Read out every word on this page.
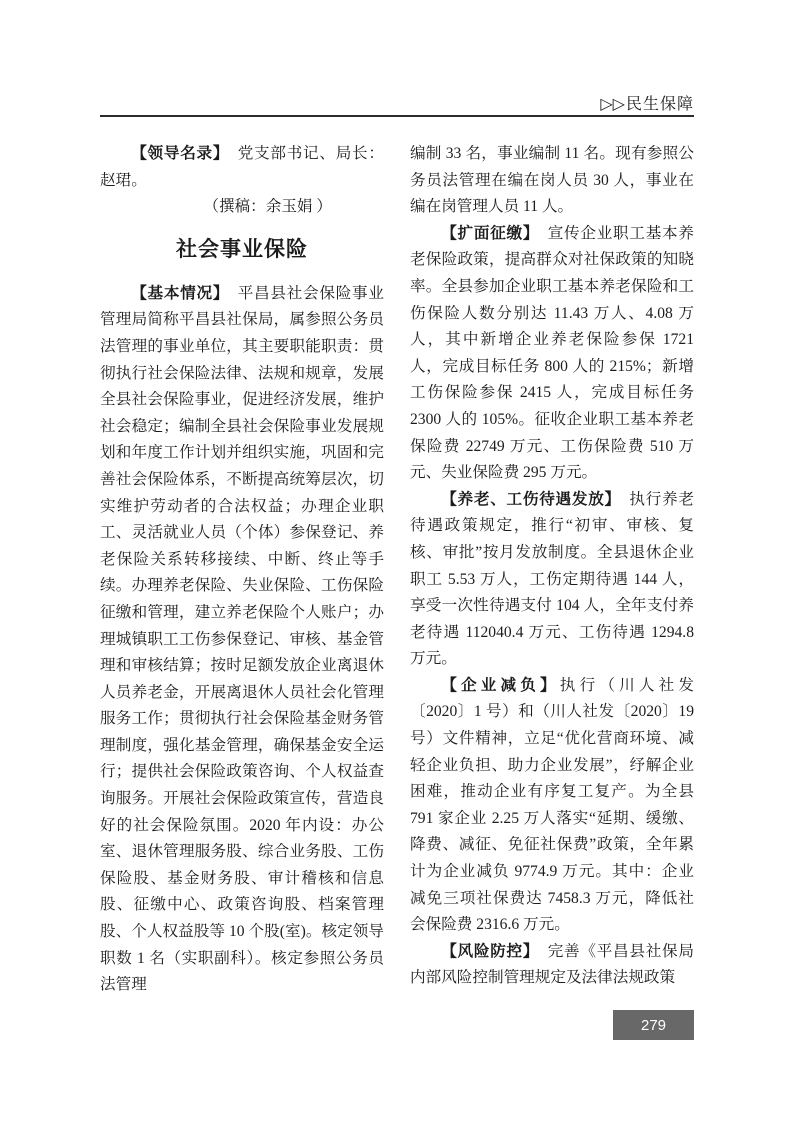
▷▷民生保障

【领导名录】　党支部书记、局长：赵珺。

（撰稿：余玉娟 ）

社会事业保险

【基本情况】　平昌县社会保险事业管理局简称平昌县社保局，属参照公务员法管理的事业单位，其主要职能职责：贯彻执行社会保险法律、法规和规章，发展全县社会保险事业，促进经济发展，维护社会稳定；编制全县社会保险事业发展规划和年度工作计划并组织实施，巩固和完善社会保险体系，不断提高统筹层次，切实维护劳动者的合法权益；办理企业职工、灵活就业人员（个体）参保登记、养老保险关系转移接续、中断、终止等手续。办理养老保险、失业保险、工伤保险征缴和管理，建立养老保险个人账户；办理城镇职工工伤参保登记、审核、基金管理和审核结算；按时足额发放企业离退休人员养老金，开展离退休人员社会化管理服务工作；贯彻执行社会保险基金财务管理制度，强化基金管理，确保基金安全运行；提供社会保险政策咨询、个人权益查询服务。开展社会保险政策宣传，营造良好的社会保险氛围。2020 年内设：办公室、退休管理服务股、综合业务股、工伤保险股、基金财务股、审计稽核和信息股、征缴中心、政策咨询股、档案管理股、个人权益股等 10 个股(室)。核定领导职数 1 名（实职副科）。核定参照公务员法管理

编制 33 名，事业编制 11 名。现有参照公务员法管理在编在岗人员 30 人，事业在编在岗管理人员 11 人。

【扩面征缴】　宣传企业职工基本养老保险政策，提高群众对社保政策的知晓率。全县参加企业职工基本养老保险和工伤保险人数分别达 11.43 万人、4.08 万人，其中新增企业养老保险参保 1721 人，完成目标任务 800 人的 215%；新增工伤保险参保 2415 人，完成目标任务 2300 人的 105%。征收企业职工基本养老保险费 22749 万元、工伤保险费 510 万元、失业保险费 295 万元。

【养老、工伤待遇发放】　执行养老待遇政策规定，推行“初审、审核、复核、审批”按月发放制度。全县退休企业职工 5.53 万人，工伤定期待遇 144 人，享受一次性待遇支付 104 人，全年支付养老待遇 112040.4 万元、工伤待遇 1294.8 万元。

【企业减负】执行（川人社发〔2020〕1 号）和（川人社发〔2020〕19 号）文件精神，立足“优化营商环境、减轻企业负担、助力企业发展”，纾解企业困难，推动企业有序复工复产。为全县 791 家企业 2.25 万人落实“延期、缓缴、降费、减征、免征社保费”政策，全年累计为企业减负 9774.9 万元。其中：企业减免三项社保费达 7458.3 万元，降低社会保险费 2316.6 万元。

【风险防控】　完善《平昌县社保局内部风险控制管理规定及法律法规政策

279
